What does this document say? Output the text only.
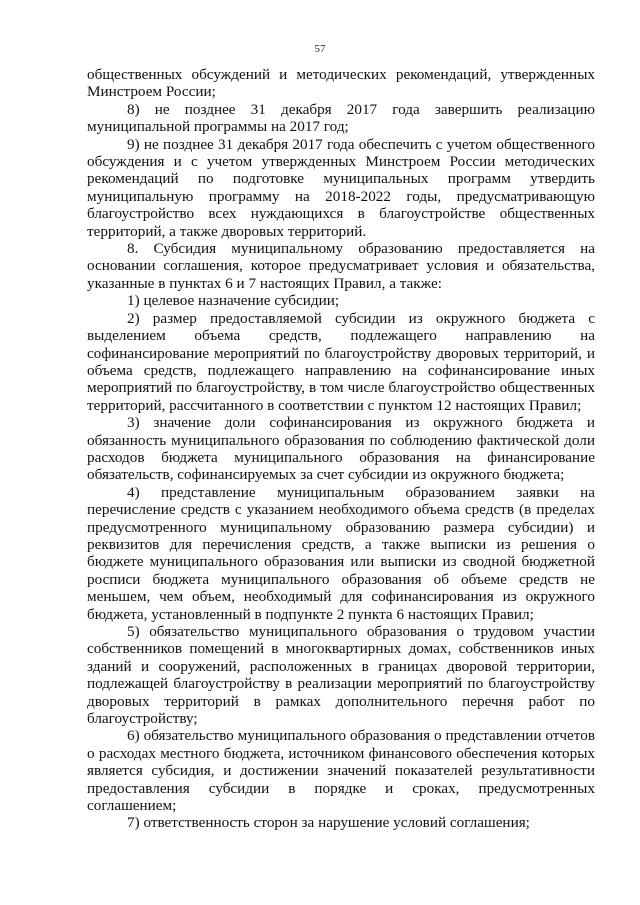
57

общественных обсуждений и методических рекомендаций, утвержденных Минстроем России;

8) не позднее 31 декабря 2017 года завершить реализацию муниципальной программы на 2017 год;

9) не позднее 31 декабря 2017 года обеспечить с учетом общественного обсуждения и с учетом утвержденных Минстроем России методических рекомендаций по подготовке муниципальных программ утвердить муниципальную программу на 2018-2022 годы, предусматривающую благоустройство всех нуждающихся в благоустройстве общественных территорий, а также дворовых территорий.

8. Субсидия муниципальному образованию предоставляется на основании соглашения, которое предусматривает условия и обязательства, указанные в пунктах 6 и 7 настоящих Правил, а также:

1) целевое назначение субсидии;

2) размер предоставляемой субсидии из окружного бюджета с выделением объема средств, подлежащего направлению на софинансирование мероприятий по благоустройству дворовых территорий, и объема средств, подлежащего направлению на софинансирование иных мероприятий по благоустройству, в том числе благоустройство общественных территорий, рассчитанного в соответствии с пунктом 12 настоящих Правил;

3) значение доли софинансирования из окружного бюджета и обязанность муниципального образования по соблюдению фактической доли расходов бюджета муниципального образования на финансирование обязательств, софинансируемых за счет субсидии из окружного бюджета;

4) представление муниципальным образованием заявки на перечисление средств с указанием необходимого объема средств (в пределах предусмотренного муниципальному образованию размера субсидии) и реквизитов для перечисления средств, а также выписки из решения о бюджете муниципального образования или выписки из сводной бюджетной росписи бюджета муниципального образования об объеме средств не меньшем, чем объем, необходимый для софинансирования из окружного бюджета, установленный в подпункте 2 пункта 6 настоящих Правил;

5) обязательство муниципального образования о трудовом участии собственников помещений в многоквартирных домах, собственников иных зданий и сооружений, расположенных в границах дворовой территории, подлежащей благоустройству в реализации мероприятий по благоустройству дворовых территорий в рамках дополнительного перечня работ по благоустройству;

6) обязательство муниципального образования о представлении отчетов о расходах местного бюджета, источником финансового обеспечения которых является субсидия, и достижении значений показателей результативности предоставления субсидии в порядке и сроках, предусмотренных соглашением;

7) ответственность сторон за нарушение условий соглашения;
